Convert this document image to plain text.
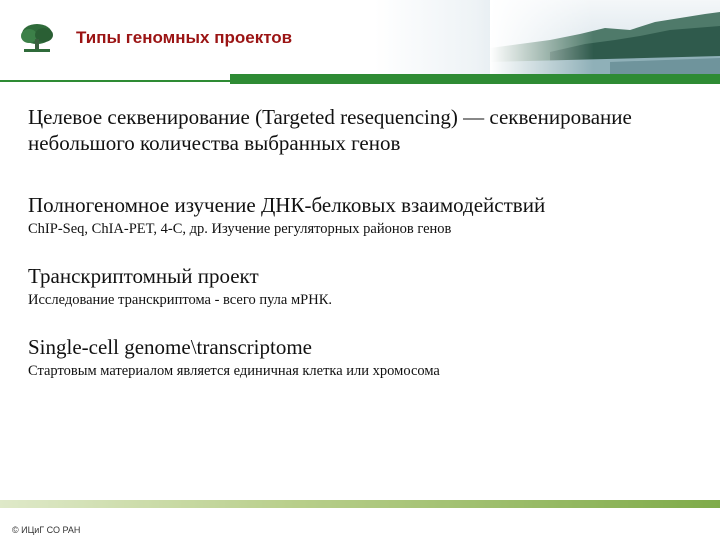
Типы геномных проектов

Целевое секвенирование (Targeted resequencing) — секвенирование

небольшого количества выбранных генов

Полногеномное изучение ДНК-белковых взаимодействий

ChIP-Seq, ChIA-PET, 4-C, др. Изучение регуляторных районов генов

Транскриптомный проект

Исследование транскриптома - всего пула мРНК.

Single-cell genome\transcriptome

Стартовым материалом является единичная клетка или хромосома

© ИЦиГ СО РАН
